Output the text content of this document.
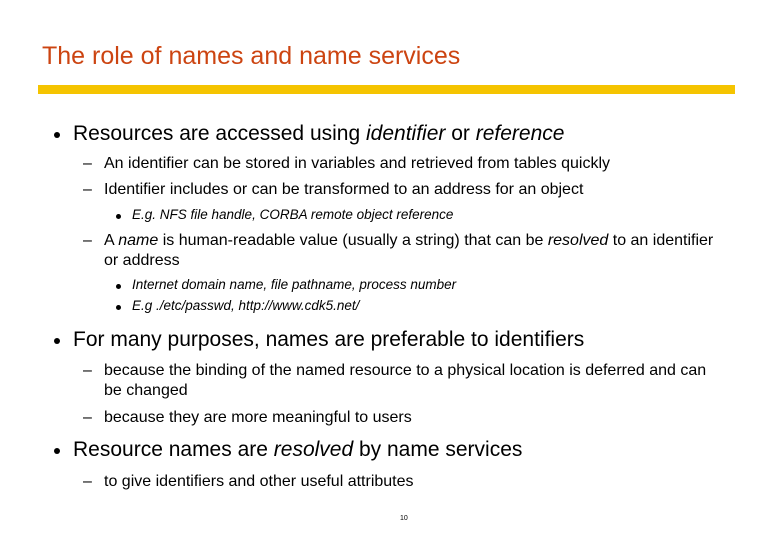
The role of names and name services
Resources are accessed using identifier or reference
– An identifier can be stored in variables and retrieved from tables quickly
– Identifier includes or can be transformed to an address for an object
E.g. NFS file handle, CORBA remote object reference
– A name is human-readable value (usually a string) that can be resolved to an identifier or address
Internet domain name, file pathname, process number
E.g ./etc/passwd, http://www.cdk5.net/
For many purposes, names are preferable to identifiers
– because the binding of the named resource to a physical location is deferred and can be changed
– because they are more meaningful to users
Resource names are resolved by name services
– to give identifiers and other useful attributes
10
